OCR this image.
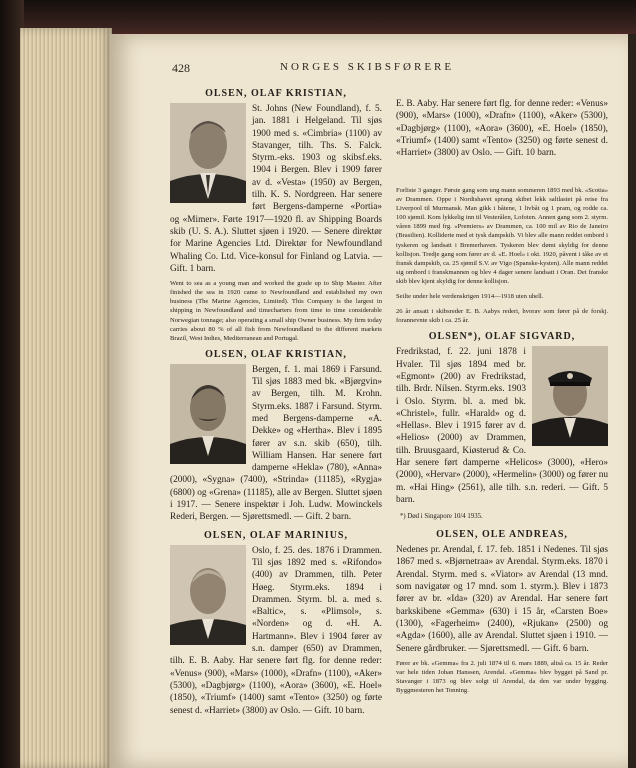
428	NORGES SKIBSFØRERE
OLSEN, OLAF KRISTIAN,

St. Johns (New Foundland), f. 5. jan. 1881 i Helgeland. Til sjøs 1900 med s. «Cimbria» (1100) av Stavanger, tilh. Ths. S. Falck. Styrm.-eks. 1903 og skibsf.eks. 1904 i Bergen. Blev i 1909 fører av d. «Vesta» (1950) av Bergen, tilh. K. S. Nordgreen. Har senere ført Bergens-damperne «Portia» og «Mimer». Førte 1917—1920 fl. av Shipping Boards skib (U. S. A.). Sluttet sjøen i 1920. — Senere direktør for Marine Agencies Ltd. Direktør for Newfoundland Whaling Co. Ltd. Vice-konsul for Finland og Latvia. — Gift. 1 barn.

Went to sea as a young man and worked the grade up to Ship Master. After finished the sea in 1920 came to Newfoundland and established my own business (The Marine Agencies, Limited). This Company is the largest in shipping in Newfoundland and timecharters from time to time considerable Norwegian tonnage; also operating a small ship Owner business. My firm today carries about 80 % of all fish from Newfoundland to the different markets Brazil, West Indies, Mediterranean and Portugal.

OLSEN, OLAF KRISTIAN,

Bergen, f. 1. mai 1869 i Farsund. Til sjøs 1883 med bk. «Bjørgvin» av Bergen, tilh. M. Krohn. Styrm.eks. 1887 i Farsund. Styrm. med Bergens-damperne «A. Dekke» og «Hertha». Blev i 1895 fører av s.n. skib (650), tilh. William Hansen. Har senere ført damperne «Hekla» (780), «Anna» (2000), «Sygna» (7400), «Strinda» (11185), «Rygja» (6800) og «Grena» (11185), alle av Bergen. Sluttet sjøen i 1917. — Senere inspektør i Joh. Ludw. Mowinckels Rederi, Bergen. — Sjørettsmedl. — Gift. 2 barn.

OLSEN, OLAF MARINIUS,

Oslo, f. 25. des. 1876 i Drammen. Til sjøs 1892 med s. «Rifondo» (400) av Drammen, tilh. Peter Høeg. Styrm.eks. 1894 i Drammen. Styrm. bl. a. med s. «Baltic», s. «Plimsol», s. «Norden» og d. «H. A. Hartmann». Blev i 1904 fører av s.n. damper (650) av Drammen, tilh. E. B. Aaby. Har senere ført flg. for denne reder: «Venus» (900), «Mars» (1000), «Drafn» (1100), «Aker» (5300), «Dagbjørg» (1100), «Aora» (3600), «E. Hoel» (1850), «Triumf» (1400) samt «Tento» (3250) og førte senest d. «Harriet» (3800) av Oslo. — Gift. 10 barn.

E. B. Aaby. Har senere ført flg. for denne reder: «Venus» (900), «Mars» (1000), «Drafn» (1100), «Aker» (5300), «Dagbjørg» (1100), «Aora» (3600), «E. Hoel» (1850), «Triumf» (1400) samt «Tento» (3250) og førte senest d. «Harriet» (3800) av Oslo. — Gift. 10 barn.

Forliste 3 ganger. Første gang som ung mann sommeren 1893 med bk. «Scotia» av Drammen. Oppe i Nordishavet sprang skibet lekk saltlastet på reise fra Liverpool til Murmansk. Man gikk i båtene, 1 livbåt og 1 pram, og rodde ca. 100 sjømil. Kom lykkelig inn til Vesterålen, Lofoten. Annen gang som 2. styrm. våren 1899 med frg. «Premiers» av Drammen, ca. 100 mil av Rio de Janeiro (Brasilien). Kolliderte med et tysk dampskib. Vi blev alle mann reddet ombord i tyskeren og landsatt i Bremerhaven. Tyskeren blev dømt skyldig for denne kollisjon. Tredje gang som fører av d. «E. Hoel» i okt. 1920, påvent i tåke av et fransk dampskib, ca. 25 sjømil S.V. av Vigo (Spanske-kysten). Alle mann reddet sig ombord i franskmannen og blev 4 dager senere landsatt i Oran. Det franske skib blev kjent skyldig for denne kollisjon.

Seilte under hele verdenskrigen 1914—1918 uten uhell.

26 år ansatt i skibsreder E. B. Aabys rederi, hvorav som fører på de forskj. forannevnte skib i ca. 25 år.

OLSEN*), OLAF SIGVARD,

Fredrikstad, f. 22. juni 1878 i Hvaler. Til sjøs 1894 med br. «Egmont» (200) av Fredrikstad, tilh. Brdr. Nilsen. Styrm.eks. 1903 i Oslo. Styrm. bl. a. med bk. «Christel», fullr. «Harald» og d. «Hellas». Blev i 1915 fører av d. «Helios» (2000) av Drammen, tilh. Bruusgaard, Kiøsterud & Co. Har senere ført damperne «Helicos» (3000), «Hero» (2000), «Hervar» (2000), «Hermelin» (3000) og fører nu m. «Hai Hing» (2561), alle tilh. s.n. rederi. — Gift. 5 barn.

*) Død i Singapore 10/4 1935.

OLSEN, OLE ANDREAS,

Nedenes pr. Arendal, f. 17. feb. 1851 i Nedenes. Til sjøs 1867 med s. «Bjørnetraa» av Arendal. Styrm.eks. 1870 i Arendal. Styrm. med s. «Viator» av Arendal (13 mnd. som navigatør og 17 mnd. som 1. styrm.). Blev i 1873 fører av br. «Ida» (320) av Arendal. Har senere ført barkskibene «Gemma» (630) i 15 år, «Carsten Boe» (1300), «Fagerheim» (2400), «Rjukan» (2500) og «Agda» (1600), alle av Arendal. Sluttet sjøen i 1910. — Senere gårdbruker. — Sjørettsmedl. — Gift. 6 barn.

Fører av bk. «Gemma» fra 2. juli 1874 til 6. mars 1889, altså ca. 15 år. Reder var hele tiden Johan Hanssen, Arendal. «Gemma» blev bygget på Sand pr. Stavanger i 1873 og blev solgt til Arendal, da den var under bygging. Byggmesteren het Tonning.
